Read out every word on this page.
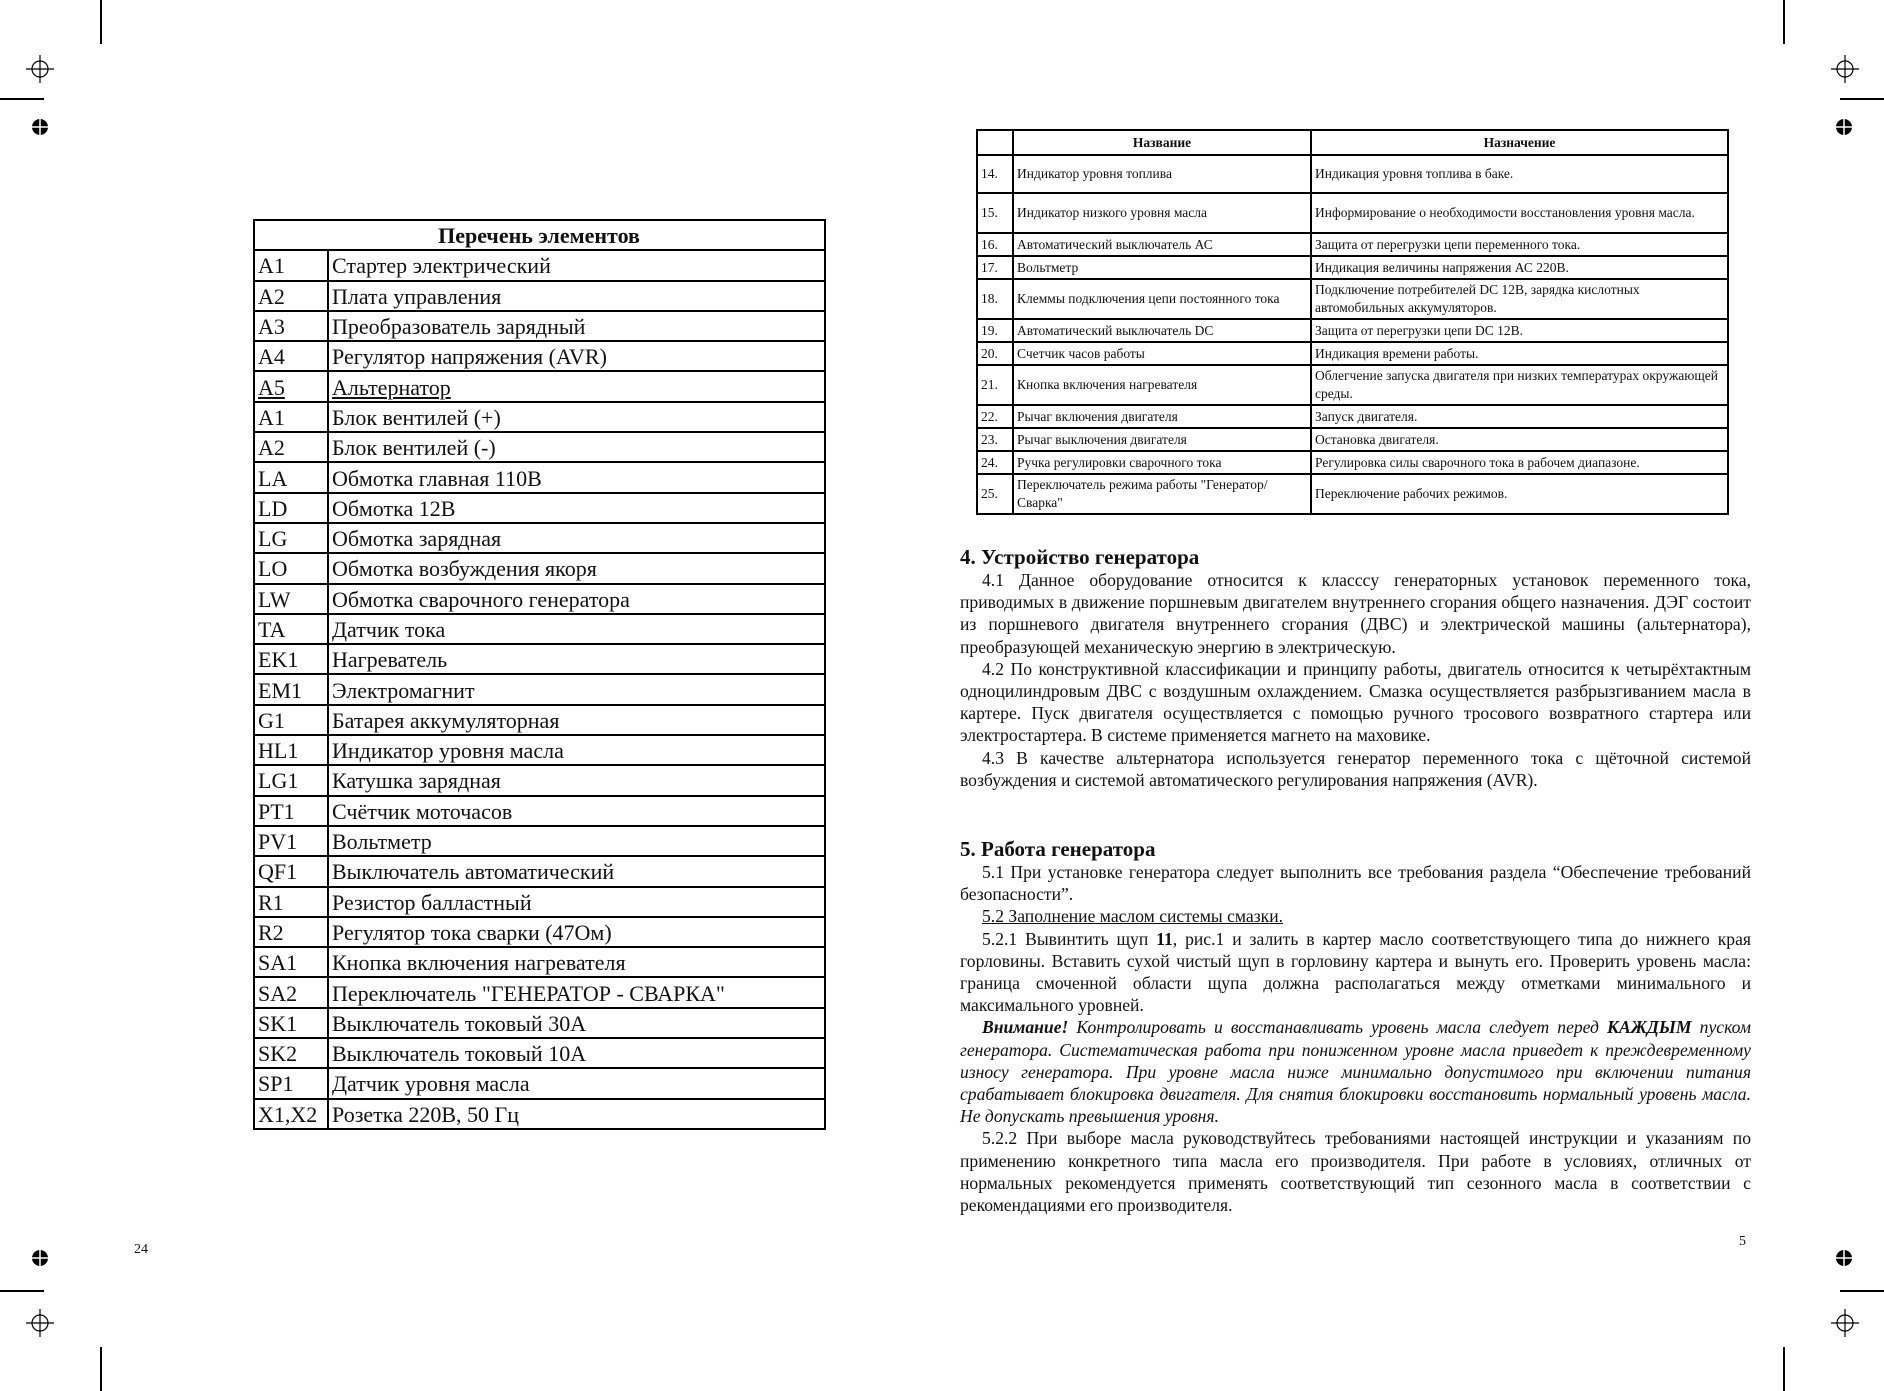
Перечень элементов	
A1	Стартер электрический
A2	Плата управления
A3	Преобразователь зарядный
A4	Регулятор напряжения (AVR)
A5	Альтернатор
A1	Блок вентилей (+)
A2	Блок вентилей (-)
LA	Обмотка главная 110В
LD	Обмотка 12В
LG	Обмотка зарядная
LO	Обмотка возбуждения якоря
LW	Обмотка сварочного генератора
TA	Датчик тока
EK1	Нагреватель
EM1	Электромагнит
G1	Батарея аккумуляторная
HL1	Индикатор уровня масла
LG1	Катушка зарядная
PT1	Счётчик моточасов
PV1	Вольтметр
QF1	Выключатель автоматический
R1	Резистор балластный
R2	Регулятор тока сварки (47Ом)
SA1	Кнопка включения нагревателя
SA2	Переключатель "ГЕНЕРАТОР - СВАРКА"
SK1	Выключатель токовый 30А
SK2	Выключатель токовый 10А
SP1	Датчик уровня масла
X1,X2	Розетка 220В, 50 Гц
24
	Название	Назначение
14.	Индикатор уровня топлива	Индикация уровня топлива в баке.
15.	Индикатор низкого уровня масла	Информирование о необходимости восстановления уровня масла.
16.	Автоматический выключатель АС	Защита от перегрузки цепи переменного тока.
17.	Вольтметр	Индикация величины напряжения АС 220В.
18.	Клеммы подключения цепи постоянного тока	Подключение потребителей DC 12В, зарядка кислотных автомобильных аккумуляторов.
19.	Автоматический выключатель DC	Защита от перегрузки цепи DC 12В.
20.	Счетчик часов работы	Индикация времени работы.
21.	Кнопка включения нагревателя	Облегчение запуска двигателя при низких температурах окружающей среды.
22.	Рычаг включения двигателя	Запуск двигателя.
23.	Рычаг выключения двигателя	Остановка двигателя.
24.	Ручка регулировки сварочного тока	Регулировка силы сварочного тока в рабочем диапазоне.
25.	Переключатель режима работы "Генератор/Сварка"	Переключение рабочих режимов.
4. Устройство генератора

4.1 Данное оборудование относится к классcу генераторных установок переменного тока, приводимых в движение поршневым двигателем внутреннего сгорания общего назначения. ДЭГ состоит из поршневого двигателя внутреннего сгорания (ДВС) и электрической машины (альтернатора), преобразующей механическую энергию в электрическую.

4.2 По конструктивной классификации и принципу работы, двигатель относится к четырёхтактным одноцилиндровым ДВС с воздушным охлаждением. Смазка осуществляется разбрызгиванием масла в картере. Пуск двигателя осуществляется с помощью ручного тросового возвратного стартера или электростартера. В системе применяется магнето на маховике.

4.3 В качестве альтернатора используется генератор переменного тока с щёточной системой возбуждения и системой автоматического регулирования напряжения (AVR).

5. Работа генератора

5.1 При установке генератора следует выполнить все требования раздела “Обеспечение требований безопасности”.

5.2 Заполнение маслом системы смазки.

5.2.1 Вывинтить щуп 11, рис.1 и залить в картер масло соответствующего типа до нижнего края горловины. Вставить сухой чистый щуп в горловину картера и вынуть его. Проверить уровень масла: граница смоченной области щупа должна располагаться между отметками минимального и максимального уровней.

Внимание! Контролировать и восстанавливать уровень масла следует перед КАЖДЫМ пуском генератора. Систематическая работа при пониженном уровне масла приведет к преждевременному износу генератора. При уровне масла ниже минимально допустимого при включении питания срабатывает блокировка двигателя. Для снятия блокировки восстановить нормальный уровень масла. Не допускать превышения уровня.

5.2.2 При выборе масла руководствуйтесь требованиями настоящей инструкции и указаниям по применению конкретного типа масла его производителя. При работе в условиях, отличных от нормальных рекомендуется применять соответствующий тип сезонного масла в соответствии с рекомендациями его производителя.

5
